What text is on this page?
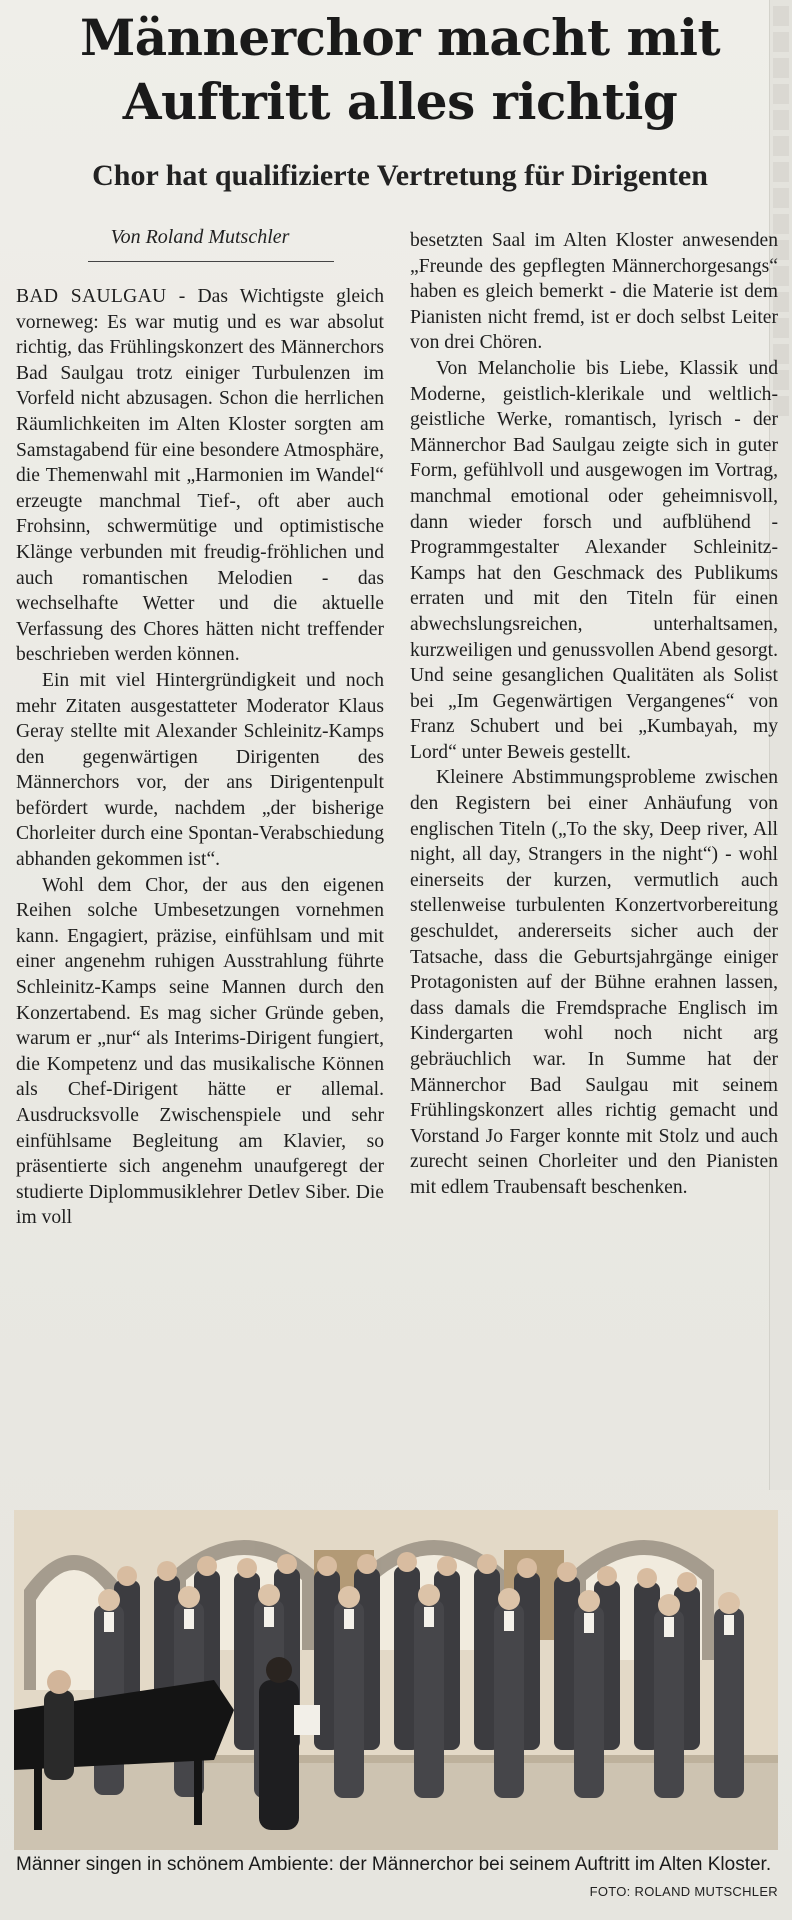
Männerchor macht mit
Auftritt alles richtig
Chor hat qualifizierte Vertretung für Dirigenten
Von Roland Mutschler

BAD SAULGAU - Das Wichtigste gleich vorneweg: Es war mutig und es war absolut richtig, das Frühlingskonzert des Männerchors Bad Saulgau trotz einiger Turbulenzen im Vorfeld nicht abzusagen. Schon die herrlichen Räumlichkeiten im Alten Kloster sorgten am Samstagabend für eine besondere Atmosphäre, die Themenwahl mit „Harmonien im Wandel“ erzeugte manchmal Tief-, oft aber auch Frohsinn, schwermütige und optimistische Klänge verbunden mit freudig-fröhlichen und auch romantischen Melodien - das wechselhafte Wetter und die aktuelle Verfassung des Chores hätten nicht treffender beschrieben werden können.

Ein mit viel Hintergründigkeit und noch mehr Zitaten ausgestatteter Moderator Klaus Geray stellte mit Alexander Schleinitz-Kamps den gegenwärtigen Dirigenten des Männerchors vor, der ans Dirigentenpult befördert wurde, nachdem „der bisherige Chorleiter durch eine Spontan-Verabschiedung abhanden gekommen ist“.

Wohl dem Chor, der aus den eigenen Reihen solche Umbesetzungen vornehmen kann. Engagiert, präzise, einfühlsam und mit einer angenehm ruhigen Ausstrahlung führte Schleinitz-Kamps seine Mannen durch den Konzertabend. Es mag sicher Gründe geben, warum er „nur“ als Interims-Dirigent fungiert, die Kompetenz und das musikalische Können als Chef-Dirigent hätte er allemal. Ausdrucksvolle Zwischenspiele und sehr einfühlsame Begleitung am Klavier, so präsentierte sich angenehm unaufgeregt der studierte Diplommusiklehrer Detlev Siber. Die im voll

besetzten Saal im Alten Kloster anwesenden „Freunde des gepflegten Männerchorgesangs“ haben es gleich bemerkt - die Materie ist dem Pianisten nicht fremd, ist er doch selbst Leiter von drei Chören.

Von Melancholie bis Liebe, Klassik und Moderne, geistlich-klerikale und weltlich-geistliche Werke, romantisch, lyrisch - der Männerchor Bad Saulgau zeigte sich in guter Form, gefühlvoll und ausgewogen im Vortrag, manchmal emotional oder geheimnisvoll, dann wieder forsch und aufblühend - Programmgestalter Alexander Schleinitz-Kamps hat den Geschmack des Publikums erraten und mit den Titeln für einen abwechslungsreichen, unterhaltsamen, kurzweiligen und genussvollen Abend gesorgt. Und seine gesanglichen Qualitäten als Solist bei „Im Gegenwärtigen Vergangenes“ von Franz Schubert und bei „Kumbayah, my Lord“ unter Beweis gestellt.

Kleinere Abstimmungsprobleme zwischen den Registern bei einer Anhäufung von englischen Titeln („To the sky, Deep river, All night, all day, Strangers in the night“) - wohl einerseits der kurzen, vermutlich auch stellenweise turbulenten Konzertvorbereitung geschuldet, andererseits sicher auch der Tatsache, dass die Geburtsjahrgänge einiger Protagonisten auf der Bühne erahnen lassen, dass damals die Fremdsprache Englisch im Kindergarten wohl noch nicht arg gebräuchlich war. In Summe hat der Männerchor Bad Saulgau mit seinem Frühlingskonzert alles richtig gemacht und Vorstand Jo Farger konnte mit Stolz und auch zurecht seinen Chorleiter und den Pianisten mit edlem Traubensaft beschenken.

Männer singen in schönem Ambiente: der Männerchor bei seinem Auftritt im Alten Kloster.
FOTO: ROLAND MUTSCHLER
